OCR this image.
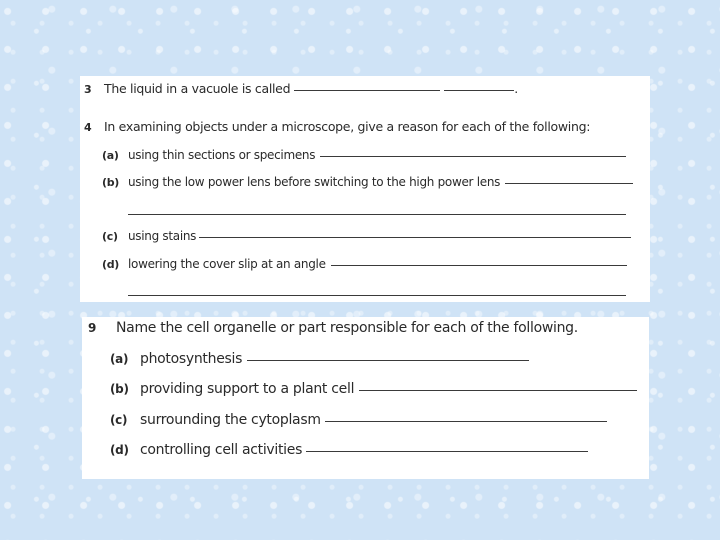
3	The liquid in a vacuole is called	.
4	In examining objects under a microscope, give a reason for each of the following:
(a) using thin sections or specimens
(b) using the low power lens before switching to the high power lens
(c) using stains
(d) lowering the cover slip at an angle
9	Name the cell organelle or part responsible for each of the following.
(a) photosynthesis
(b) providing support to a plant cell
(c) surrounding the cytoplasm
(d) controlling cell activities
